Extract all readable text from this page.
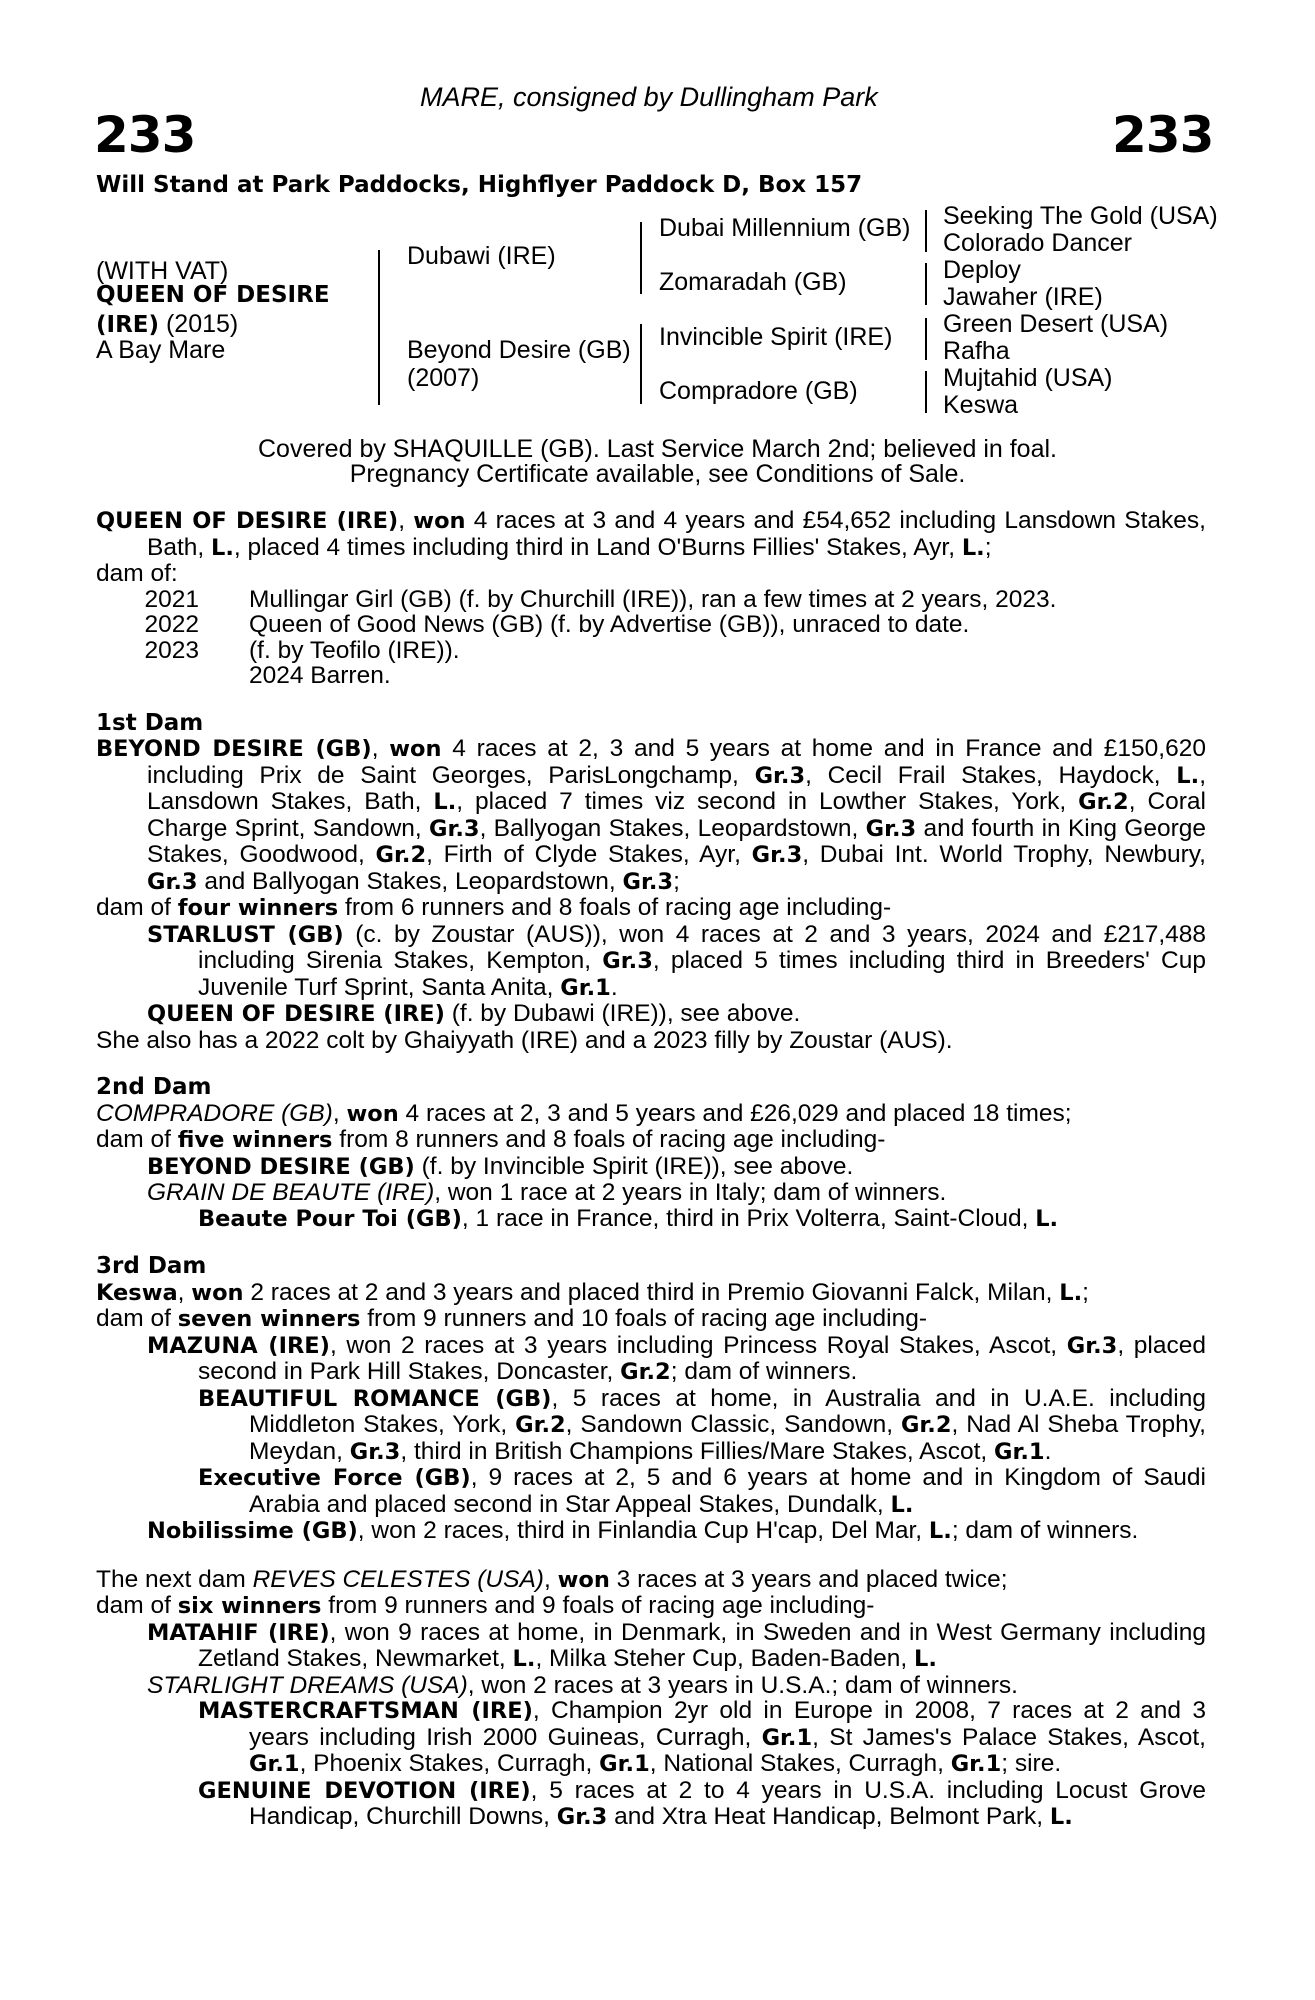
MARE, consigned by Dullingham Park
233	233
Will Stand at Park Paddocks, Highflyer Paddock D, Box 157
(WITH VAT)
QUEEN OF DESIRE
(IRE) (2015)
A Bay Mare
Dubawi (IRE)
Beyond Desire (GB)
(2007)
Dubai Millennium (GB)
Zomaradah (GB)
Invincible Spirit (IRE)
Compradore (GB)
Seeking The Gold (USA)
Colorado Dancer
Deploy
Jawaher (IRE)
Green Desert (USA)
Rafha
Mujtahid (USA)
Keswa
Covered by SHAQUILLE (GB). Last Service March 2nd; believed in foal.
Pregnancy Certificate available, see Conditions of Sale.

QUEEN OF DESIRE (IRE), won 4 races at 3 and 4 years and £54,652 including Lansdown Stakes, Bath, L., placed 4 times including third in Land O'Burns Fillies' Stakes, Ayr, L.;

dam of:

2021 Mullingar Girl (GB) (f. by Churchill (IRE)), ran a few times at 2 years, 2023.

2022 Queen of Good News (GB) (f. by Advertise (GB)), unraced to date.

2023 (f. by Teofilo (IRE)).

2024 Barren.

1st Dam

BEYOND DESIRE (GB), won 4 races at 2, 3 and 5 years at home and in France and £150,620 including Prix de Saint Georges, ParisLongchamp, Gr.3, Cecil Frail Stakes, Haydock, L., Lansdown Stakes, Bath, L., placed 7 times viz second in Lowther Stakes, York, Gr.2, Coral Charge Sprint, Sandown, Gr.3, Ballyogan Stakes, Leopardstown, Gr.3 and fourth in King George Stakes, Goodwood, Gr.2, Firth of Clyde Stakes, Ayr, Gr.3, Dubai Int. World Trophy, Newbury, Gr.3 and Ballyogan Stakes, Leopardstown, Gr.3;

dam of four winners from 6 runners and 8 foals of racing age including-

STARLUST (GB) (c. by Zoustar (AUS)), won 4 races at 2 and 3 years, 2024 and £217,488 including Sirenia Stakes, Kempton, Gr.3, placed 5 times including third in Breeders' Cup Juvenile Turf Sprint, Santa Anita, Gr.1.

QUEEN OF DESIRE (IRE) (f. by Dubawi (IRE)), see above.

She also has a 2022 colt by Ghaiyyath (IRE) and a 2023 filly by Zoustar (AUS).

2nd Dam

COMPRADORE (GB), won 4 races at 2, 3 and 5 years and £26,029 and placed 18 times;

dam of five winners from 8 runners and 8 foals of racing age including-

BEYOND DESIRE (GB) (f. by Invincible Spirit (IRE)), see above.

GRAIN DE BEAUTE (IRE), won 1 race at 2 years in Italy; dam of winners.

Beaute Pour Toi (GB), 1 race in France, third in Prix Volterra, Saint-Cloud, L.

3rd Dam

Keswa, won 2 races at 2 and 3 years and placed third in Premio Giovanni Falck, Milan, L.;

dam of seven winners from 9 runners and 10 foals of racing age including-

MAZUNA (IRE), won 2 races at 3 years including Princess Royal Stakes, Ascot, Gr.3, placed second in Park Hill Stakes, Doncaster, Gr.2; dam of winners.

BEAUTIFUL ROMANCE (GB), 5 races at home, in Australia and in U.A.E. including Middleton Stakes, York, Gr.2, Sandown Classic, Sandown, Gr.2, Nad Al Sheba Trophy, Meydan, Gr.3, third in British Champions Fillies/Mare Stakes, Ascot, Gr.1.

Executive Force (GB), 9 races at 2, 5 and 6 years at home and in Kingdom of Saudi Arabia and placed second in Star Appeal Stakes, Dundalk, L.

Nobilissime (GB), won 2 races, third in Finlandia Cup H'cap, Del Mar, L.; dam of winners.

The next dam REVES CELESTES (USA), won 3 races at 3 years and placed twice;

dam of six winners from 9 runners and 9 foals of racing age including-

MATAHIF (IRE), won 9 races at home, in Denmark, in Sweden and in West Germany including Zetland Stakes, Newmarket, L., Milka Steher Cup, Baden-Baden, L.

STARLIGHT DREAMS (USA), won 2 races at 3 years in U.S.A.; dam of winners.

MASTERCRAFTSMAN (IRE), Champion 2yr old in Europe in 2008, 7 races at 2 and 3 years including Irish 2000 Guineas, Curragh, Gr.1, St James's Palace Stakes, Ascot, Gr.1, Phoenix Stakes, Curragh, Gr.1, National Stakes, Curragh, Gr.1; sire.

GENUINE DEVOTION (IRE), 5 races at 2 to 4 years in U.S.A. including Locust Grove Handicap, Churchill Downs, Gr.3 and Xtra Heat Handicap, Belmont Park, L.
